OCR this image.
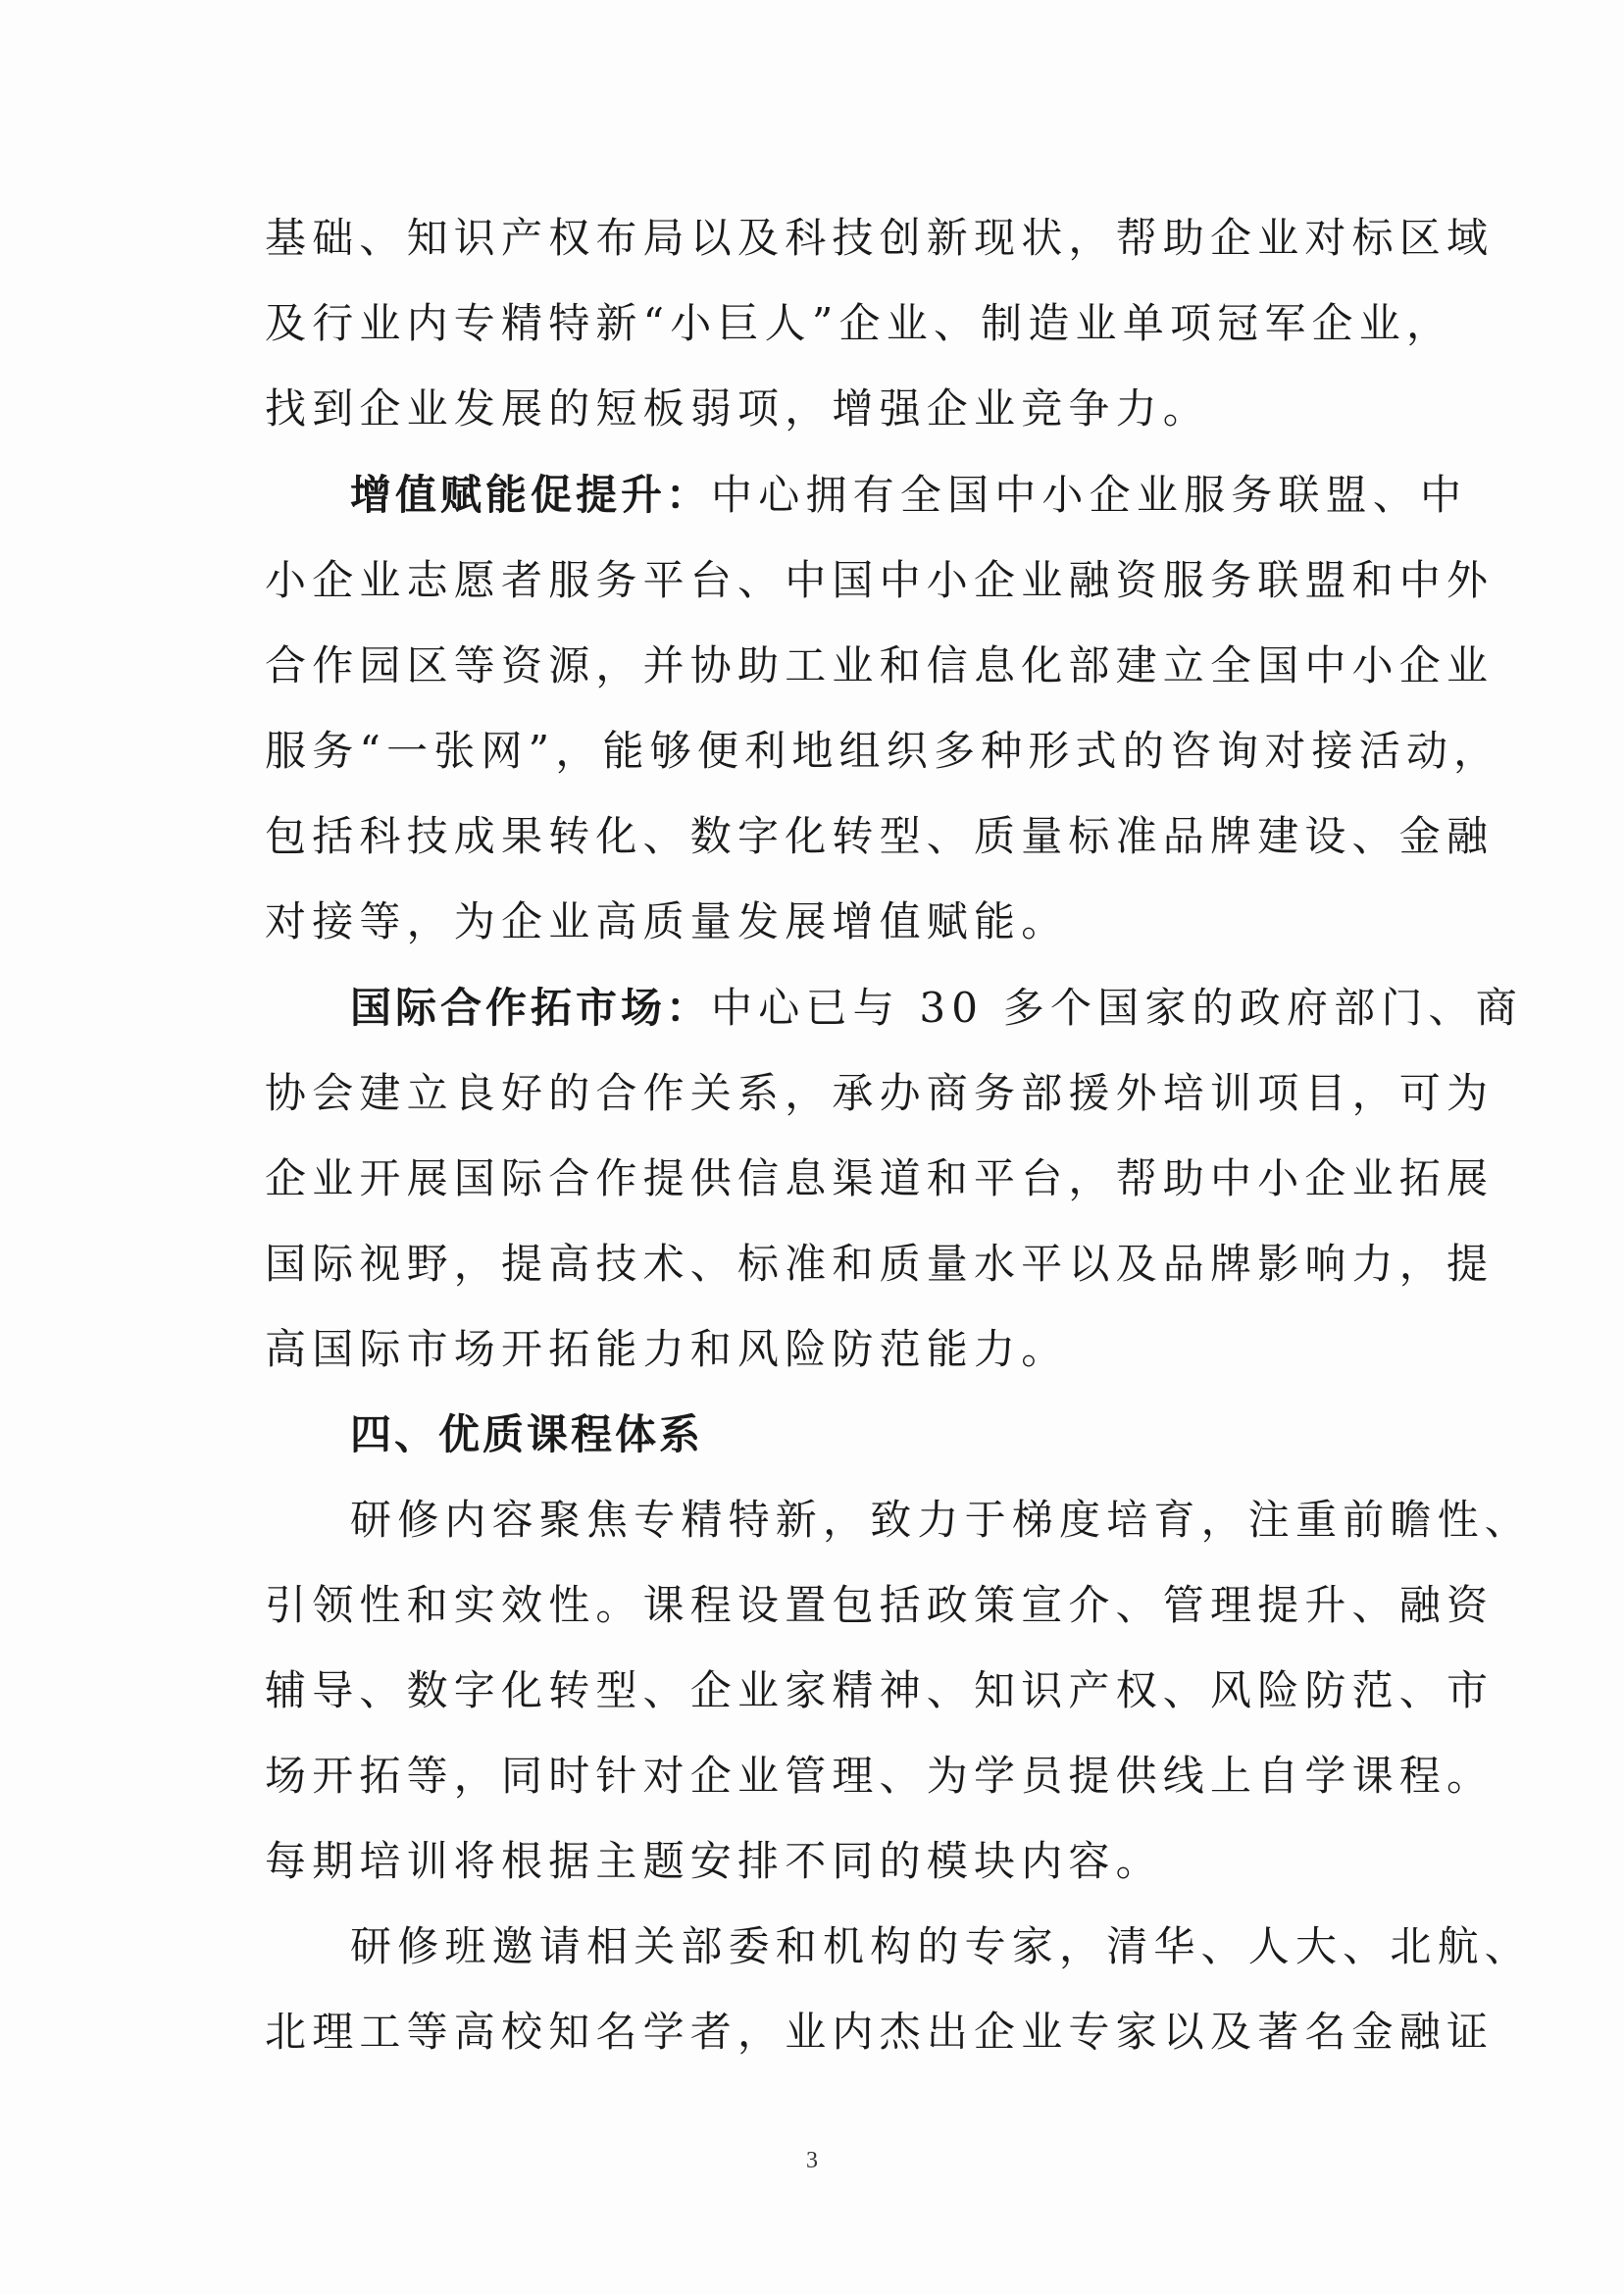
基础、知识产权布局以及科技创新现状，帮助企业对标区域
及行业内专精特新“小巨人”企业、制造业单项冠军企业，
找到企业发展的短板弱项，增强企业竞争力。
增值赋能促提升：中心拥有全国中小企业服务联盟、中
小企业志愿者服务平台、中国中小企业融资服务联盟和中外
合作园区等资源，并协助工业和信息化部建立全国中小企业
服务“一张网”，能够便利地组织多种形式的咨询对接活动，
包括科技成果转化、数字化转型、质量标准品牌建设、金融
对接等，为企业高质量发展增值赋能。
国际合作拓市场：中心已与 30 多个国家的政府部门、商
协会建立良好的合作关系，承办商务部援外培训项目，可为
企业开展国际合作提供信息渠道和平台，帮助中小企业拓展
国际视野，提高技术、标准和质量水平以及品牌影响力，提
高国际市场开拓能力和风险防范能力。
四、优质课程体系
研修内容聚焦专精特新，致力于梯度培育，注重前瞻性、
引领性和实效性。课程设置包括政策宣介、管理提升、融资
辅导、数字化转型、企业家精神、知识产权、风险防范、市
场开拓等，同时针对企业管理、为学员提供线上自学课程。
每期培训将根据主题安排不同的模块内容。
研修班邀请相关部委和机构的专家，清华、人大、北航、
北理工等高校知名学者，业内杰出企业专家以及著名金融证
3
